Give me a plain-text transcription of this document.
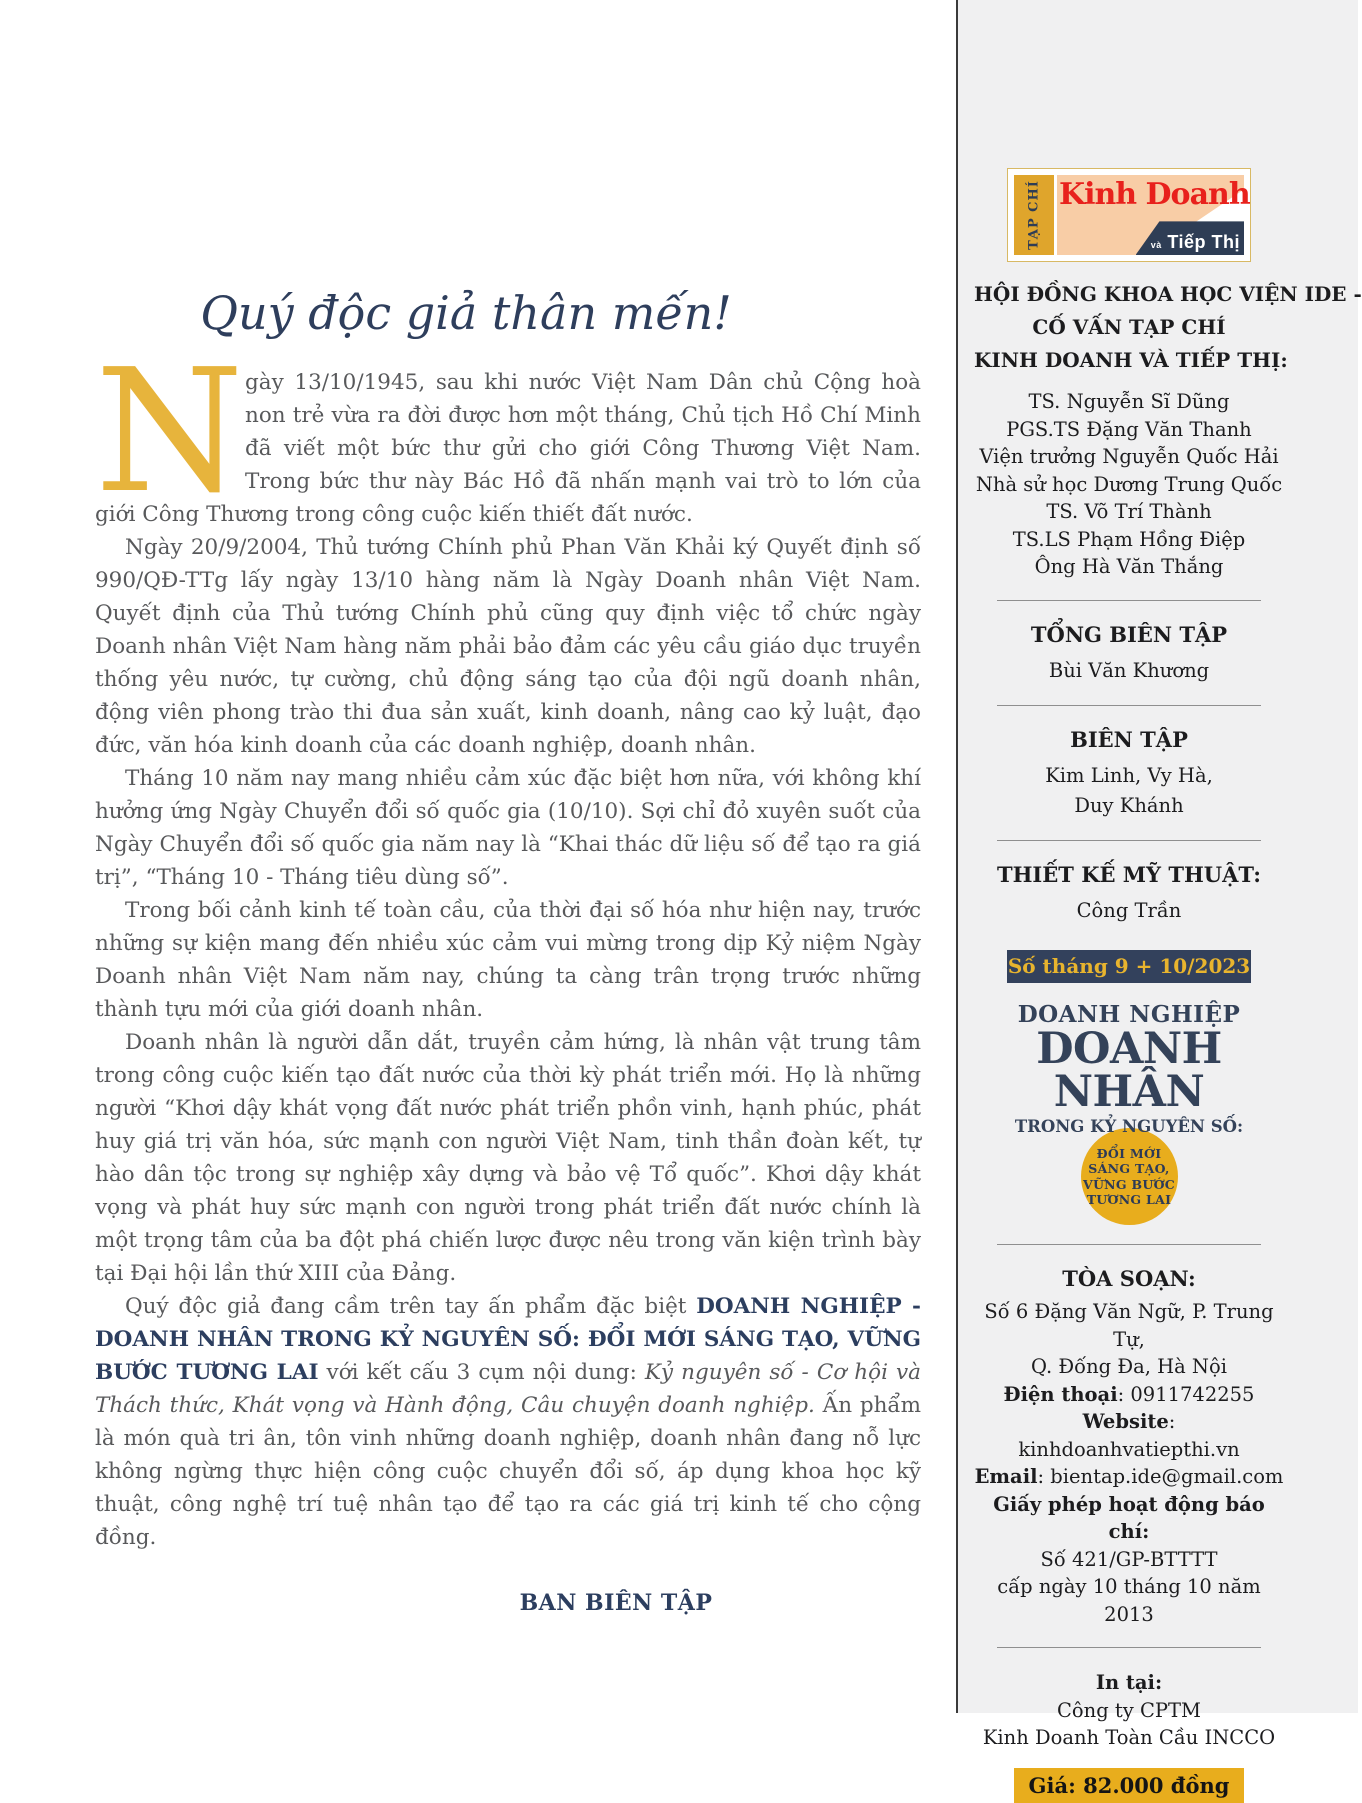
Quý độc giả thân mến!

Ngày 13/10/1945, sau khi nước Việt Nam Dân chủ Cộng hoà non trẻ vừa ra đời được hơn một tháng, Chủ tịch Hồ Chí Minh đã viết một bức thư gửi cho giới Công Thương Việt Nam. Trong bức thư này Bác Hồ đã nhấn mạnh vai trò to lớn của giới Công Thương trong công cuộc kiến thiết đất nước.

Ngày 20/9/2004, Thủ tướng Chính phủ Phan Văn Khải ký Quyết định số 990/QĐ-TTg lấy ngày 13/10 hàng năm là Ngày Doanh nhân Việt Nam. Quyết định của Thủ tướng Chính phủ cũng quy định việc tổ chức ngày Doanh nhân Việt Nam hàng năm phải bảo đảm các yêu cầu giáo dục truyền thống yêu nước, tự cường, chủ động sáng tạo của đội ngũ doanh nhân, động viên phong trào thi đua sản xuất, kinh doanh, nâng cao kỷ luật, đạo đức, văn hóa kinh doanh của các doanh nghiệp, doanh nhân.

Tháng 10 năm nay mang nhiều cảm xúc đặc biệt hơn nữa, với không khí hưởng ứng Ngày Chuyển đổi số quốc gia (10/10). Sợi chỉ đỏ xuyên suốt của Ngày Chuyển đổi số quốc gia năm nay là “Khai thác dữ liệu số để tạo ra giá trị”, “Tháng 10 - Tháng tiêu dùng số”.

Trong bối cảnh kinh tế toàn cầu, của thời đại số hóa như hiện nay, trước những sự kiện mang đến nhiều xúc cảm vui mừng trong dịp Kỷ niệm Ngày Doanh nhân Việt Nam năm nay, chúng ta càng trân trọng trước những thành tựu mới của giới doanh nhân.

Doanh nhân là người dẫn dắt, truyền cảm hứng, là nhân vật trung tâm trong công cuộc kiến tạo đất nước của thời kỳ phát triển mới. Họ là những người “Khơi dậy khát vọng đất nước phát triển phồn vinh, hạnh phúc, phát huy giá trị văn hóa, sức mạnh con người Việt Nam, tinh thần đoàn kết, tự hào dân tộc trong sự nghiệp xây dựng và bảo vệ Tổ quốc”. Khơi dậy khát vọng và phát huy sức mạnh con người trong phát triển đất nước chính là một trọng tâm của ba đột phá chiến lược được nêu trong văn kiện trình bày tại Đại hội lần thứ XIII của Đảng.

Quý độc giả đang cầm trên tay ấn phẩm đặc biệt DOANH NGHIỆP - DOANH NHÂN TRONG KỶ NGUYÊN SỐ: ĐỔI MỚI SÁNG TẠO, VỮNG BƯỚC TƯƠNG LAI với kết cấu 3 cụm nội dung: Kỷ nguyên số - Cơ hội và Thách thức, Khát vọng và Hành động, Câu chuyện doanh nghiệp. Ấn phẩm là món quà tri ân, tôn vinh những doanh nghiệp, doanh nhân đang nỗ lực không ngừng thực hiện công cuộc chuyển đổi số, áp dụng khoa học kỹ thuật, công nghệ trí tuệ nhân tạo để tạo ra các giá trị kinh tế cho cộng đồng.

BAN BIÊN TẬP
TẠP CHÍ Kinh Doanh
và Tiếp Thị
HỘI ĐỒNG KHOA HỌC VIỆN IDE -
CỐ VẤN TẠP CHÍ
KINH DOANH VÀ TIẾP THỊ:
TS. Nguyễn Sĩ Dũng
PGS.TS Đặng Văn Thanh
Viện trưởng Nguyễn Quốc Hải
Nhà sử học Dương Trung Quốc
TS. Võ Trí Thành
TS.LS Phạm Hồng Điệp
Ông Hà Văn Thắng
TỔNG BIÊN TẬP
Bùi Văn Khương
BIÊN TẬP
Kim Linh, Vy Hà,
Duy Khánh
THIẾT KẾ MỸ THUẬT:
Công Trần
Số tháng 9 + 10/2023
DOANH NGHIỆP
DOANH NHÂN
TRONG KỶ NGUYÊN SỐ:
ĐỔI MỚI
SÁNG TẠO,
VỮNG BƯỚC
TƯƠNG LAI
TÒA SOẠN:

Số 6 Đặng Văn Ngữ, P. Trung Tự,

Q. Đống Đa, Hà Nội

Điện thoại: 0911742255

Website: kinhdoanhvatiepthi.vn

Email: bientap.ide@gmail.com

Giấy phép hoạt động báo chí:

Số 421/GP-BTTTT

cấp ngày 10 tháng 10 năm 2013

In tại:

Công ty CPTM

Kinh Doanh Toàn Cầu INCCO

Giá: 82.000 đồng
